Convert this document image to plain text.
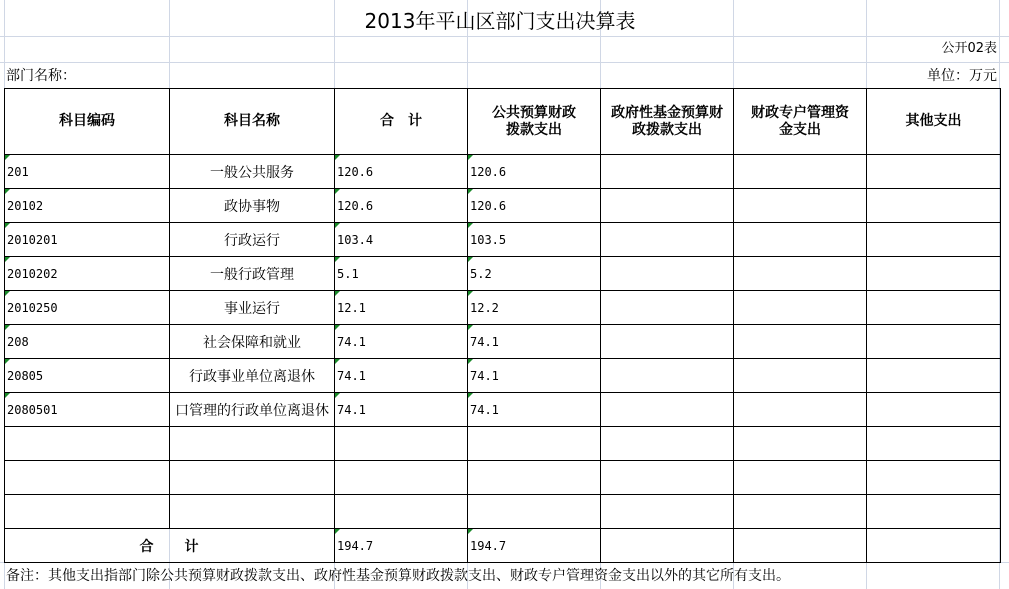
2013年平山区部门支出决算表
公开02表
部门名称：	单位：万元
科目编码	科目名称	合　计	公共预算财政拨款支出	政府性基金预算财政拨款支出	财政专户管理资金支出	其他支出
201	一般公共服务	120.6	120.6			
20102	政协事物	120.6	120.6			
2010201	行政运行	103.4	103.5			
2010202	一般行政管理	5.1	5.2			
2010250	事业运行	12.1	12.2			
208	社会保障和就业	74.1	74.1			
20805	行政事业单位离退休	74.1	74.1			
2080501	口管理的行政单位离退休	74.1	74.1			

合　　计		194.7	194.7			
备注：其他支出指部门除公共预算财政拨款支出、政府性基金预算财政拨款支出、财政专户管理资金支出以外的其它所有支出。
